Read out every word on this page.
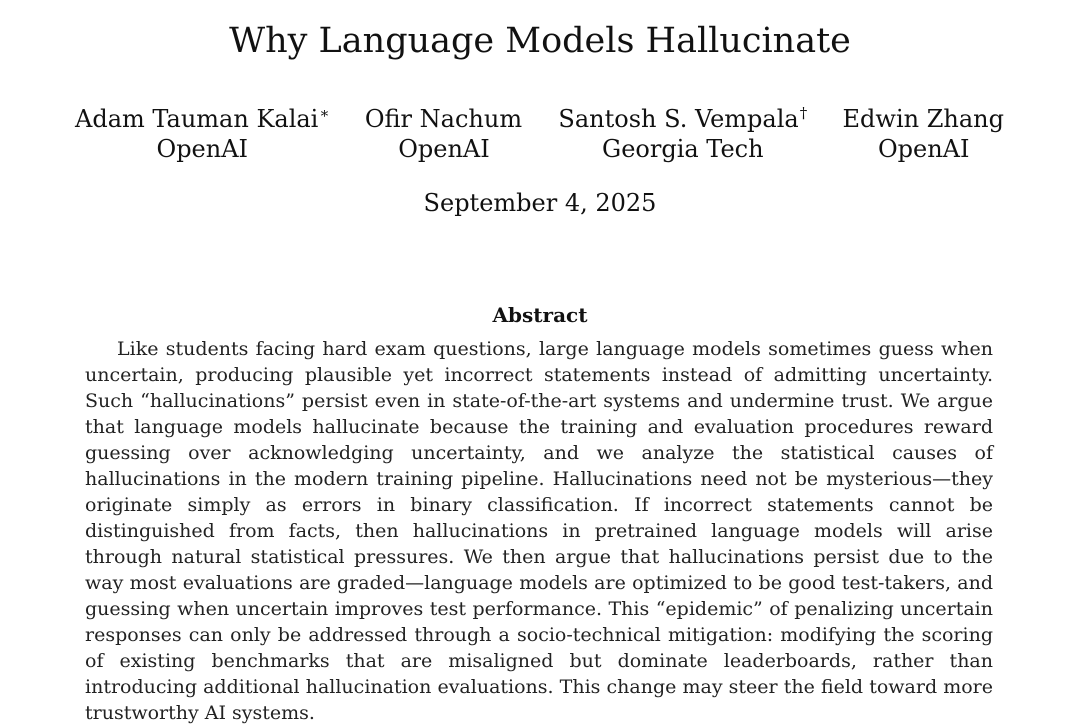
Why Language Models Hallucinate
Adam Tauman Kalai∗
OpenAI
Ofir Nachum
OpenAI
Santosh S. Vempala†
Georgia Tech
Edwin Zhang
OpenAI
September 4, 2025
Abstract

Like students facing hard exam questions, large language models sometimes guess when uncertain, producing plausible yet incorrect statements instead of admitting uncertainty. Such “hallucinations” persist even in state-of-the-art systems and undermine trust. We argue that language models hallucinate because the training and evaluation procedures reward guessing over acknowledging uncertainty, and we analyze the statistical causes of hallucinations in the modern training pipeline. Hallucinations need not be mysterious—they originate simply as errors in binary classification. If incorrect statements cannot be distinguished from facts, then hallucinations in pretrained language models will arise through natural statistical pressures. We then argue that hallucinations persist due to the way most evaluations are graded—language models are optimized to be good test-takers, and guessing when uncertain improves test performance. This “epidemic” of penalizing uncertain responses can only be addressed through a socio-technical mitigation: modifying the scoring of existing benchmarks that are misaligned but dominate leaderboards, rather than introducing additional hallucination evaluations. This change may steer the field toward more trustworthy AI systems.
